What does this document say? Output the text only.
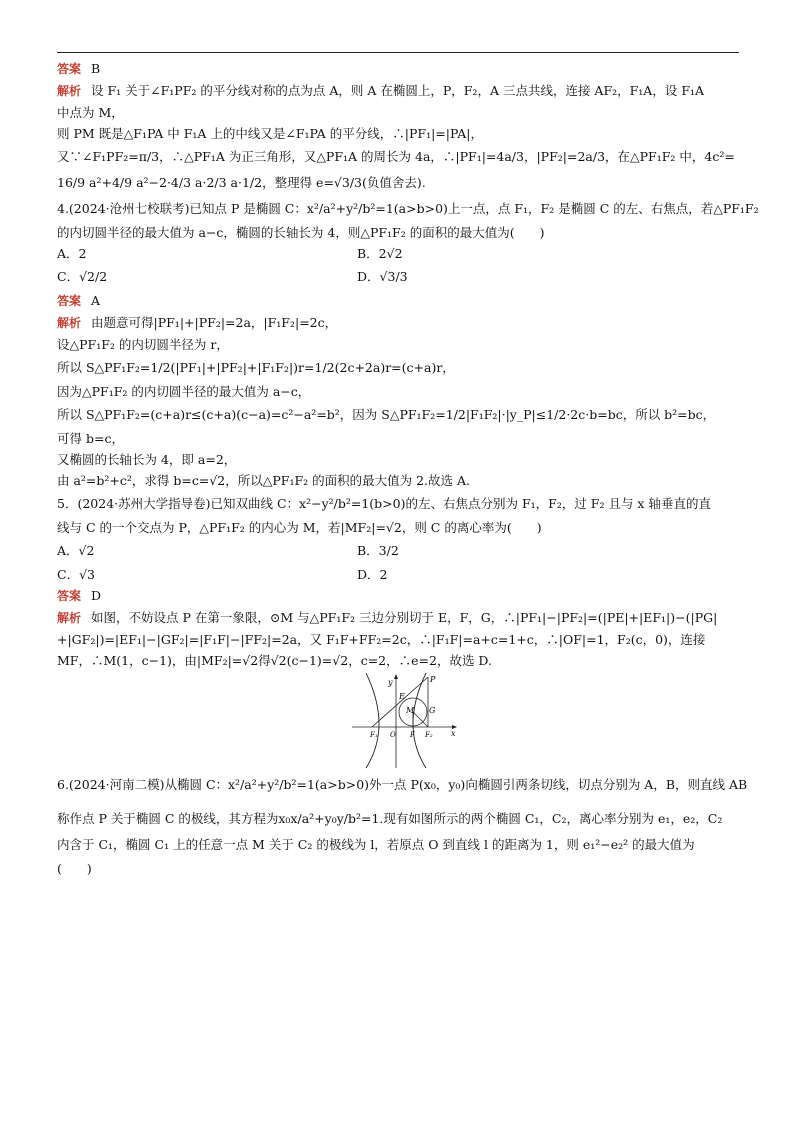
答案 B
解析 设 F₁ 关于∠F₁PF₂ 的平分线对称的点为点 A，则 A 在椭圆上，P，F₂，A 三点共线，连接 AF₂，F₁A，设 F₁A
中点为 M，
则 PM 既是△F₁PA 中 F₁A 上的中线又是∠F₁PA 的平分线，∴|PF₁|=|PA|，
又∵∠F₁PF₂=π/3，∴△PF₁A 为正三角形，又△PF₁A 的周长为 4a，∴|PF₁|=4a/3，|PF₂|=2a/3，在△PF₁F₂ 中，4c²=
16/9 a²+4/9 a²−2·4/3 a·2/3 a·1/2，整理得 e=√3/3(负值舍去).
4.(2024·沧州七校联考)已知点 P 是椭圆 C：x²/a²+y²/b²=1(a>b>0)上一点，点 F₁，F₂ 是椭圆 C 的左、右焦点，若△PF₁F₂
的内切圆半径的最大值为 a−c，椭圆的长轴长为 4，则△PF₁F₂ 的面积的最大值为(　　)
A．2	B．2√2
C．√2/2	D．√3/3
答案 A
解析 由题意可得|PF₁|+|PF₂|=2a，|F₁F₂|=2c，
设△PF₁F₂ 的内切圆半径为 r，
所以 S△PF₁F₂=1/2(|PF₁|+|PF₂|+|F₁F₂|)r=1/2(2c+2a)r=(c+a)r，
因为△PF₁F₂ 的内切圆半径的最大值为 a−c，
所以 S△PF₁F₂=(c+a)r≤(c+a)(c−a)=c²−a²=b²，因为 S△PF₁F₂=1/2|F₁F₂|·|y_P|≤1/2·2c·b=bc，所以 b²=bc，
可得 b=c，
又椭圆的长轴长为 4，即 a=2，
由 a²=b²+c²，求得 b=c=√2，所以△PF₁F₂ 的面积的最大值为 2.故选 A.
5．(2024·苏州大学指导卷)已知双曲线 C：x²−y²/b²=1(b>0)的左、右焦点分别为 F₁，F₂，过 F₂ 且与 x 轴垂直的直
线与 C 的一个交点为 P，△PF₁F₂ 的内心为 M，若|MF₂|=√2，则 C 的离心率为(　　)
A．√2	B．3/2
C．√3	D．2
答案 D
解析 如图，不妨设点 P 在第一象限，⊙M 与△PF₁F₂ 三边分别切于 E，F，G，∴|PF₁|−|PF₂|=(|PE|+|EF₁|)−(|PG|
+|GF₂|)=|EF₁|−|GF₂|=|F₁F|−|FF₂|=2a，又 F₁F+FF₂=2c，∴|F₁F|=a+c=1+c，∴|OF|=1，F₂(c，0)，连接
MF，∴M(1，c−1)，由|MF₂|=√2得√2(c−1)=√2，c=2，∴e=2，故选 D.
y	P
E
M G
F₁ O F F₂ x
6.(2024·河南二模)从椭圆 C：x²/a²+y²/b²=1(a>b>0)外一点 P(x₀，y₀)向椭圆引两条切线，切点分别为 A，B，则直线 AB
称作点 P 关于椭圆 C 的极线，其方程为x₀x/a²+y₀y/b²=1.现有如图所示的两个椭圆 C₁，C₂，离心率分别为 e₁，e₂，C₂
内含于 C₁，椭圆 C₁ 上的任意一点 M 关于 C₂ 的极线为 l，若原点 O 到直线 l 的距离为 1，则 e₁²−e₂² 的最大值为
(　　)
